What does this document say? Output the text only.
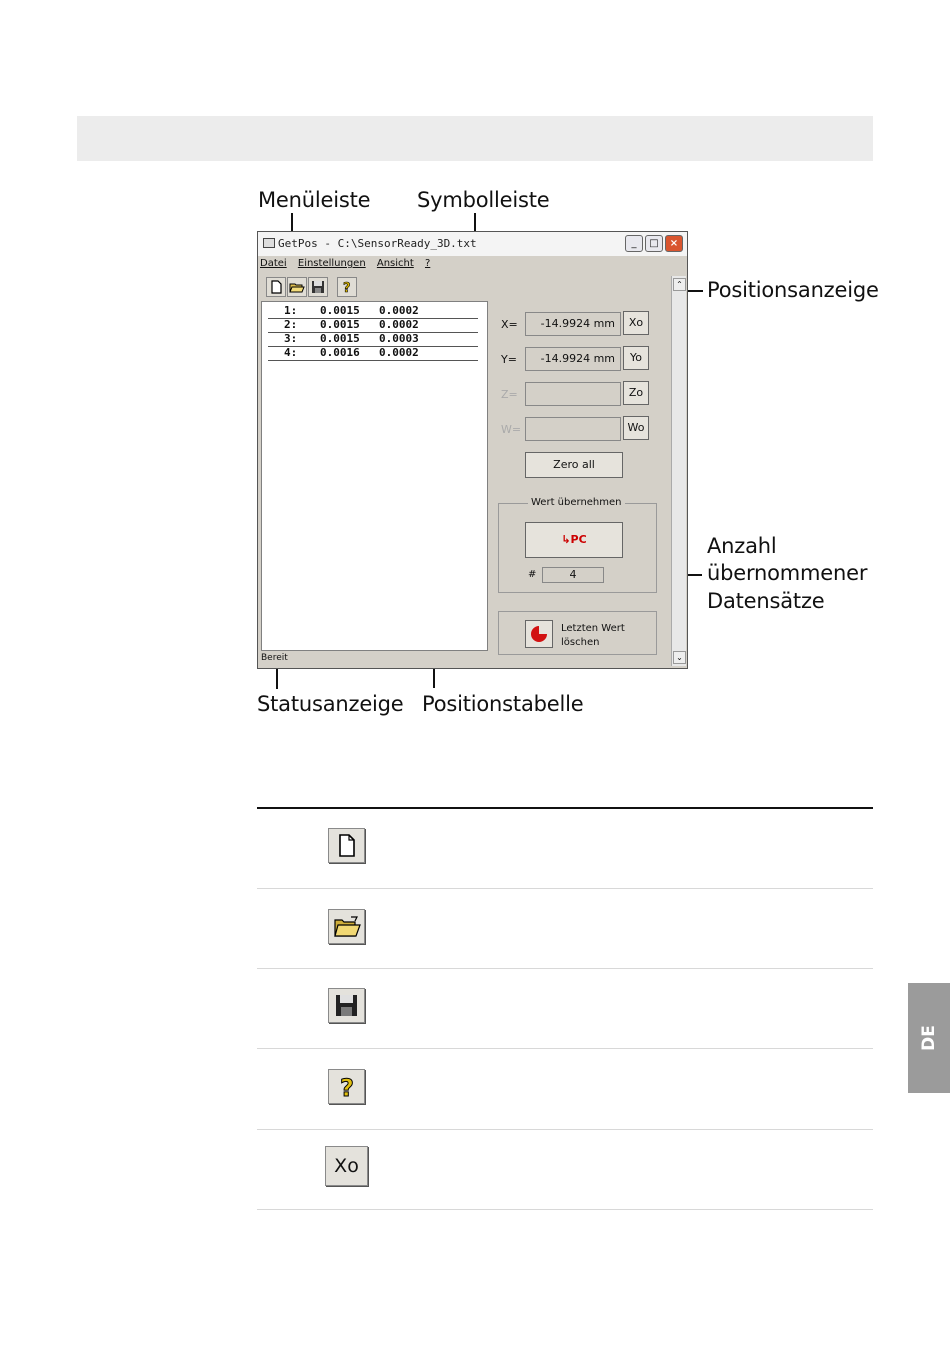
Menüleiste Symbolleiste
Positionsanzeige
Anzahl
übernommener
Datensätze
Statusanzeige Positionstabelle
GetPos - C:\SensorReady_3D.txt	_	□	×
Datei Einstellungen Ansicht ?
?
1: 0.0015 0.0002
2: 0.0015 0.0002
3: 0.0015 0.0003
4: 0.0016 0.0002
Bereit
X=	-14.9924 mm	Xo
Y=	-14.9924 mm	Yo
Z=	Zo
W=	Wo
Zero all
Wert übernehmen
↳PC
#	4
Letzten Wert
löschen
⌃
⌄
?
Xo
DE
